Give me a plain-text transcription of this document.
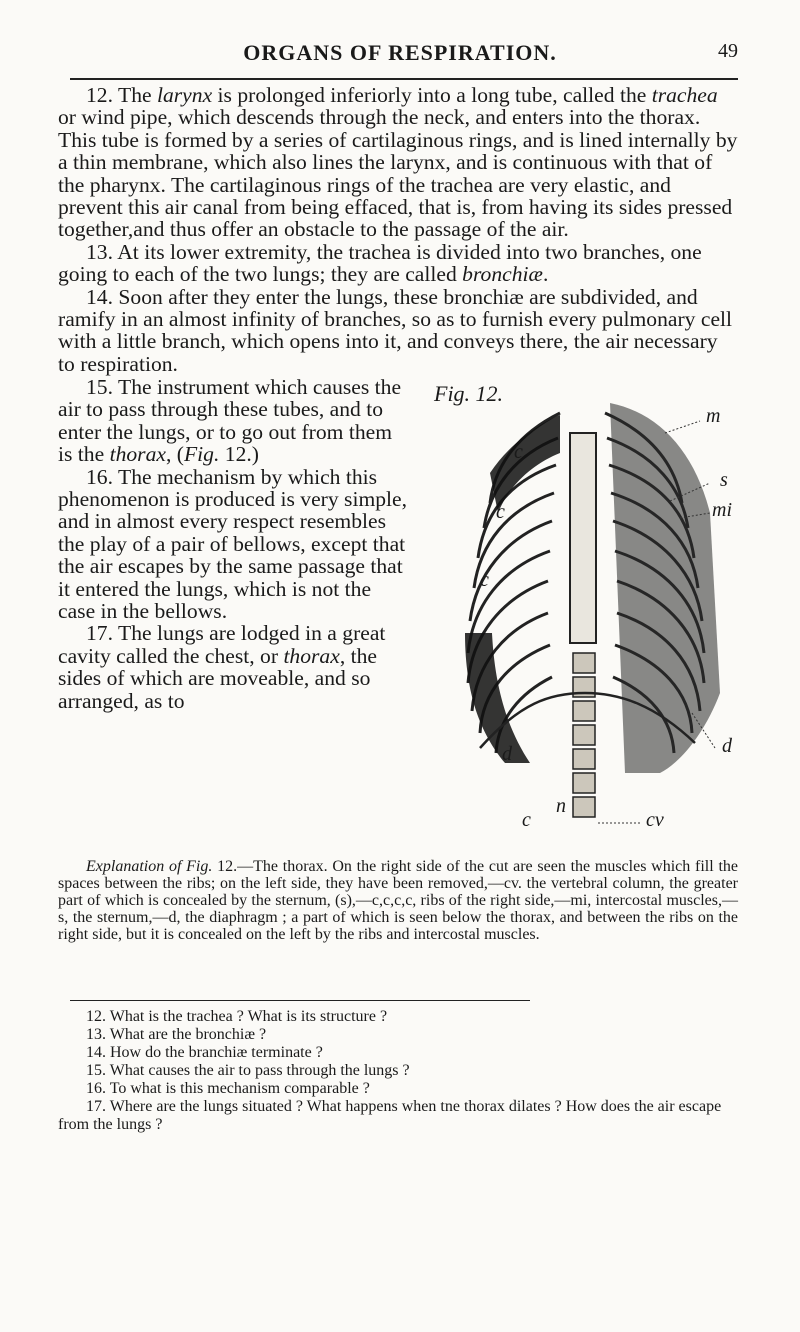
ORGANS OF RESPIRATION.	49

12. The larynx is prolonged inferiorly into a long tube, called the trachea or wind pipe, which descends through the neck, and enters into the thorax. This tube is formed by a series of cartilaginous rings, and is lined internally by a thin membrane, which also lines the larynx, and is continuous with that of the pharynx. The cartilaginous rings of the trachea are very elastic, and prevent this air canal from being effaced, that is, from having its sides pressed together,and thus offer an obstacle to the passage of the air.

13. At its lower extremity, the trachea is divided into two branches, one going to each of the two lungs; they are called bronchiæ.

14. Soon after they enter the lungs, these bronchiæ are subdivided, and ramify in an almost infinity of branches, so as to furnish every pulmonary cell with a little branch, which opens into it, and conveys there, the air necessary to respiration.

15. The instrument which causes the air to pass through these tubes, and to enter the lungs, or to go out from them is the thorax, (Fig. 12.)

16. The mechanism by which this phenomenon is produced is very simple, and in almost every respect resembles the play of a pair of bellows, except that the air escapes by the same passage that it entered the lungs, which is not the case in the bellows.

17. The lungs are lodged in a great cavity called the chest, or thorax, the sides of which are moveable, and so arranged, as to

Fig. 12.
m
s
mi
d
cv
c
c
c
c
d
n

Explanation of Fig. 12.—The thorax. On the right side of the cut are seen the muscles which fill the spaces between the ribs; on the left side, they have been removed,—cv. the vertebral column, the greater part of which is concealed by the sternum, (s),—c,c,c,c, ribs of the right side,—mi, intercostal muscles,—s, the sternum,—d, the diaphragm ; a part of which is seen below the thorax, and between the ribs on the right side, but it is concealed on the left by the ribs and intercostal muscles.

12. What is the trachea ? What is its structure ?
13. What are the bronchiæ ?
14. How do the branchiæ terminate ?
15. What causes the air to pass through the lungs ?
16. To what is this mechanism comparable ?
17. Where are the lungs situated ? What happens when tne thorax dilates ? How does the air escape from the lungs ?
